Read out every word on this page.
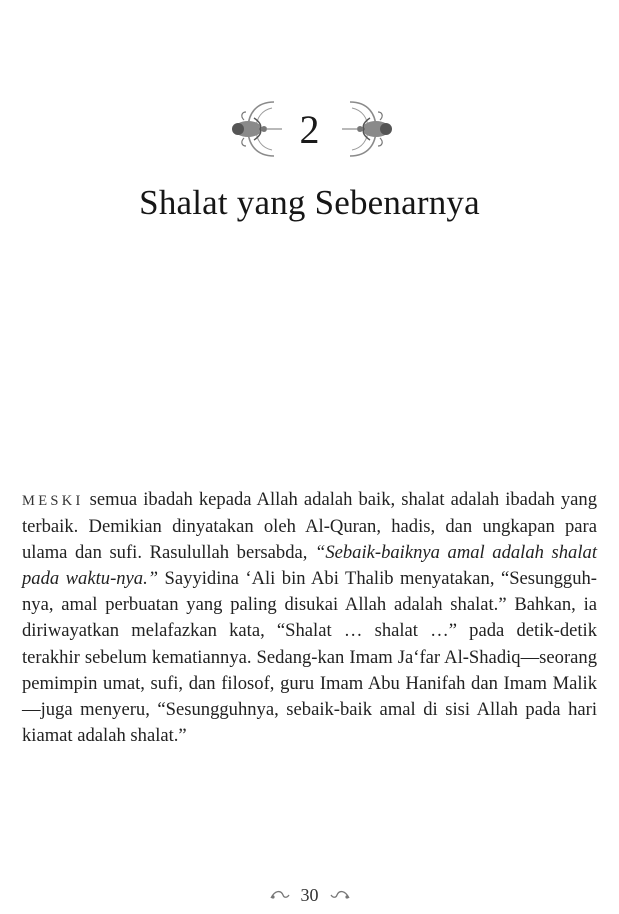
2
Shalat yang Sebenarnya

MESKI semua ibadah kepada Allah adalah baik, shalat adalah ibadah yang terbaik. Demikian dinyatakan oleh Al-Quran, hadis, dan ungkapan para ulama dan sufi. Rasulullah bersabda, “Sebaik-baiknya amal adalah shalat pada waktu-nya.” Sayyidina ‘Ali bin Abi Thalib menyatakan, “Sesungguh-nya, amal perbuatan yang paling disukai Allah adalah shalat.” Bahkan, ia diriwayatkan melafazkan kata, “Shalat … shalat …” pada detik-detik terakhir sebelum kematiannya. Sedang-kan Imam Ja‘far Al-Shadiq—seorang pemimpin umat, sufi, dan filosof, guru Imam Abu Hanifah dan Imam Malik—juga menyeru, “Sesungguhnya, sebaik-baik amal di sisi Allah pada hari kiamat adalah shalat.”

30
